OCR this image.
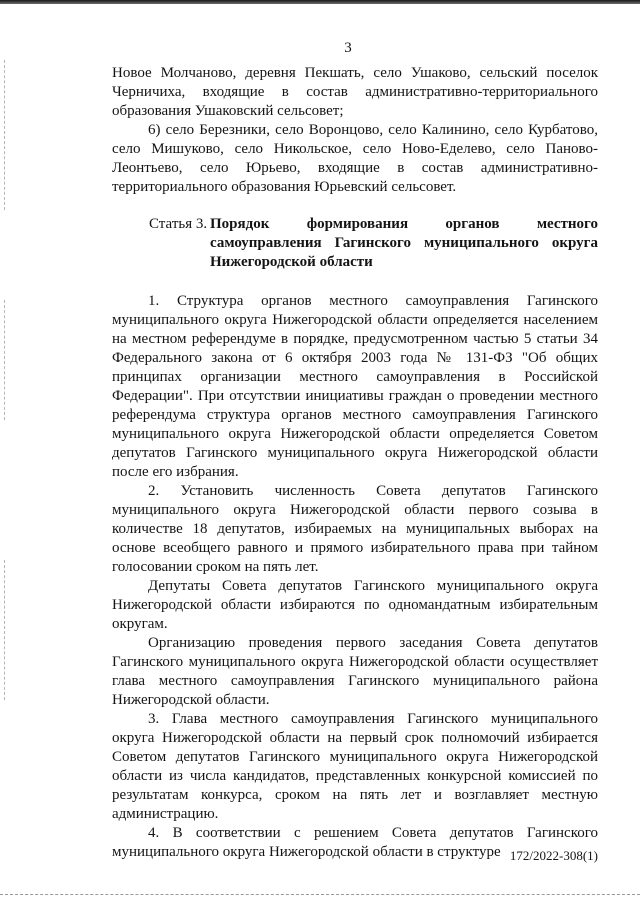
3

Новое Молчаново, деревня Пекшать, село Ушаково, сельский поселок Черничиха, входящие в состав административно-территориального образования Ушаковский сельсовет;

6) село Березники, село Воронцово, село Калинино, село Курбатово, село Мишуково, село Никольское, село Ново-Еделево, село Паново-Леонтьево, село Юрьево, входящие в состав административно-территориального образования Юрьевский сельсовет.

Статья 3. Порядок формирования органов местного самоуправления Гагинского муниципального округа Нижегородской области

1. Структура органов местного самоуправления Гагинского муниципального округа Нижегородской области определяется населением на местном референдуме в порядке, предусмотренном частью 5 статьи 34 Федерального закона от 6 октября 2003 года № 131-ФЗ "Об общих принципах организации местного самоуправления в Российской Федерации". При отсутствии инициативы граждан о проведении местного референдума структура органов местного самоуправления Гагинского муниципального округа Нижегородской области определяется Советом депутатов Гагинского муниципального округа Нижегородской области после его избрания.

2. Установить численность Совета депутатов Гагинского муниципального округа Нижегородской области первого созыва в количестве 18 депутатов, избираемых на муниципальных выборах на основе всеобщего равного и прямого избирательного права при тайном голосовании сроком на пять лет.

Депутаты Совета депутатов Гагинского муниципального округа Нижегородской области избираются по одномандатным избирательным округам.

Организацию проведения первого заседания Совета депутатов Гагинского муниципального округа Нижегородской области осуществляет глава местного самоуправления Гагинского муниципального района Нижегородской области.

3. Глава местного самоуправления Гагинского муниципального округа Нижегородской области на первый срок полномочий избирается Советом депутатов Гагинского муниципального округа Нижегородской области из числа кандидатов, представленных конкурсной комиссией по результатам конкурса, сроком на пять лет и возглавляет местную администрацию.

4. В соответствии с решением Совета депутатов Гагинского муниципального округа Нижегородской области в структуре 172/2022-308(1)
